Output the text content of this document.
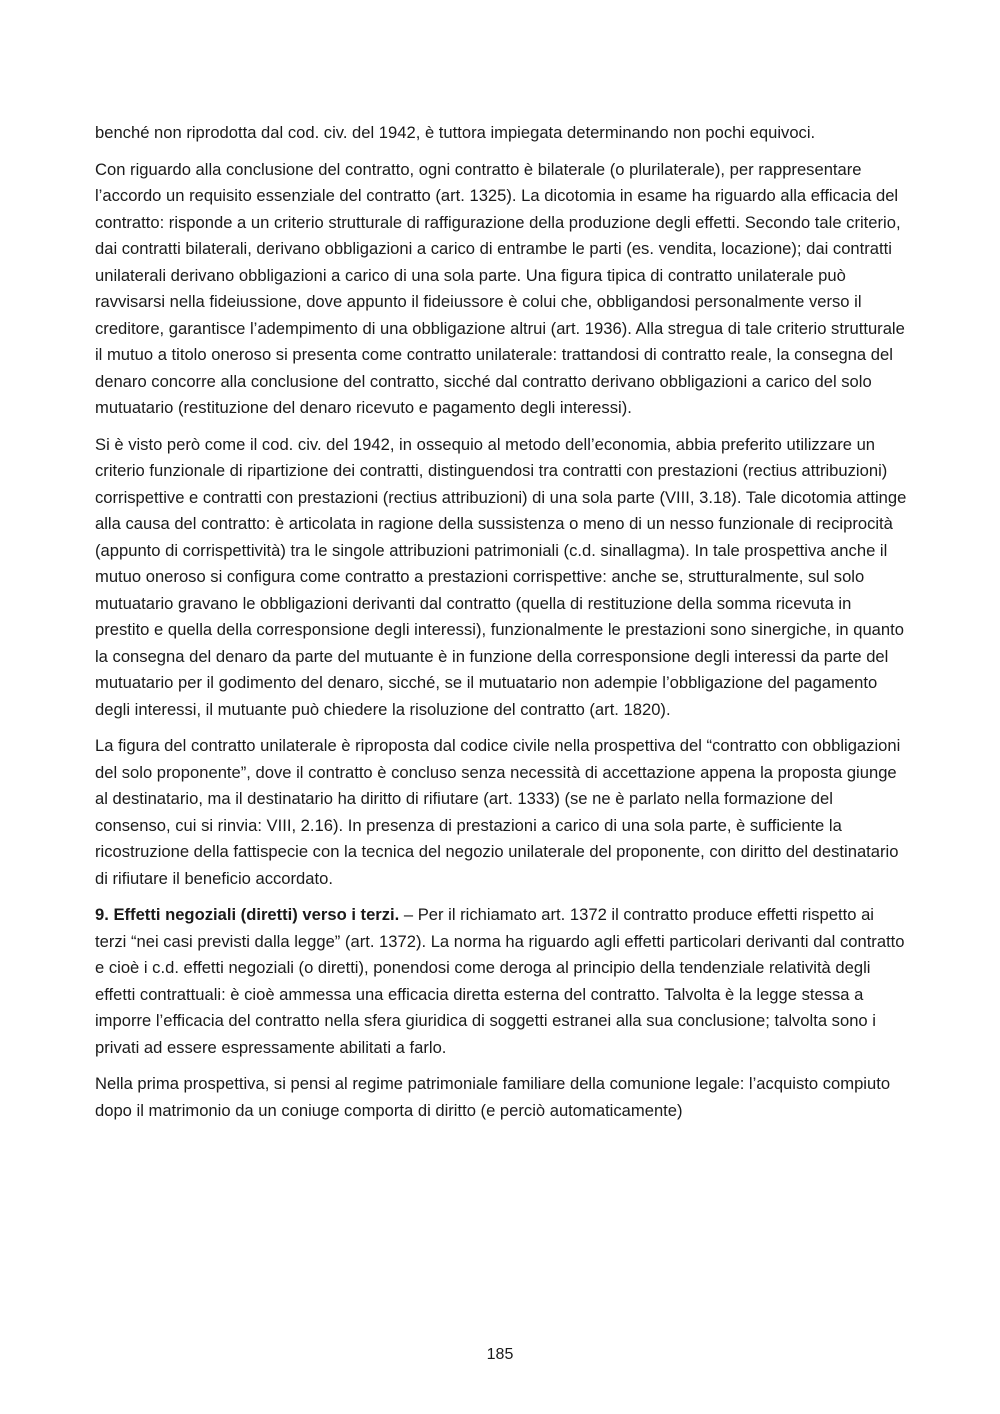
benché non riprodotta dal cod. civ. del 1942, è tuttora impiegata determinando non pochi equivoci.

Con riguardo alla conclusione del contratto, ogni contratto è bilaterale (o plurilaterale), per rappresentare l’accordo un requisito essenziale del contratto (art. 1325). La dicotomia in esame ha riguardo alla efficacia del contratto: risponde a un criterio strutturale di raffigurazione della produzione degli effetti. Secondo tale criterio, dai contratti bilaterali, derivano obbligazioni a carico di entrambe le parti (es. vendita, locazione); dai contratti unilaterali derivano obbligazioni a carico di una sola parte. Una figura tipica di contratto unilaterale può ravvisarsi nella fideiussione, dove appunto il fideiussore è colui che, obbligandosi personalmente verso il creditore, garantisce l’adempimento di una obbligazione altrui (art. 1936). Alla stregua di tale criterio strutturale il mutuo a titolo oneroso si presenta come contratto unilaterale: trattandosi di contratto reale, la consegna del denaro concorre alla conclusione del contratto, sicché dal contratto derivano obbligazioni a carico del solo mutuatario (restituzione del denaro ricevuto e pagamento degli interessi).

Si è visto però come il cod. civ. del 1942, in ossequio al metodo dell’economia, abbia preferito utilizzare un criterio funzionale di ripartizione dei contratti, distinguendosi tra contratti con prestazioni (rectius attribuzioni) corrispettive e contratti con prestazioni (rectius attribuzioni) di una sola parte (VIII, 3.18). Tale dicotomia attinge alla causa del contratto: è articolata in ragione della sussistenza o meno di un nesso funzionale di reciprocità (appunto di corrispettività) tra le singole attribuzioni patrimoniali (c.d. sinallagma). In tale prospettiva anche il mutuo oneroso si configura come contratto a prestazioni corrispettive: anche se, strutturalmente, sul solo mutuatario gravano le obbligazioni derivanti dal contratto (quella di restituzione della somma ricevuta in prestito e quella della corresponsione degli interessi), funzionalmente le prestazioni sono sinergiche, in quanto la consegna del denaro da parte del mutuante è in funzione della corresponsione degli interessi da parte del mutuatario per il godimento del denaro, sicché, se il mutuatario non adempie l’obbligazione del pagamento degli interessi, il mutuante può chiedere la risoluzione del contratto (art. 1820).

La figura del contratto unilaterale è riproposta dal codice civile nella prospettiva del “contratto con obbligazioni del solo proponente”, dove il contratto è concluso senza necessità di accettazione appena la proposta giunge al destinatario, ma il destinatario ha diritto di rifiutare (art. 1333) (se ne è parlato nella formazione del consenso, cui si rinvia: VIII, 2.16). In presenza di prestazioni a carico di una sola parte, è sufficiente la ricostruzione della fattispecie con la tecnica del negozio unilaterale del proponente, con diritto del destinatario di rifiutare il beneficio accordato.

9. Effetti negoziali (diretti) verso i terzi. – Per il richiamato art. 1372 il contratto produce effetti rispetto ai terzi “nei casi previsti dalla legge” (art. 1372). La norma ha riguardo agli effetti particolari derivanti dal contratto e cioè i c.d. effetti negoziali (o diretti), ponendosi come deroga al principio della tendenziale relatività degli effetti contrattuali: è cioè ammessa una efficacia diretta esterna del contratto. Talvolta è la legge stessa a imporre l’efficacia del contratto nella sfera giuridica di soggetti estranei alla sua conclusione; talvolta sono i privati ad essere espressamente abilitati a farlo.

Nella prima prospettiva, si pensi al regime patrimoniale familiare della comunione legale: l’acquisto compiuto dopo il matrimonio da un coniuge comporta di diritto (e perciò automaticamente)

185
